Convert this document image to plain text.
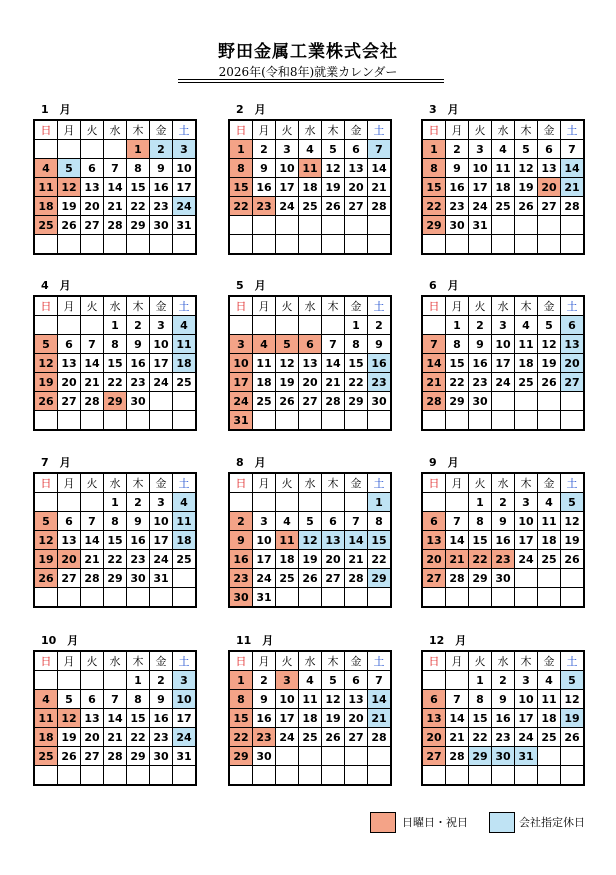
野田金属工業株式会社
2026年(令和8年)就業カレンダー
1　月
日	月	火	水	木	金	土
				1	2	3
4	5	6	7	8	9	10
11	12	13	14	15	16	17
18	19	20	21	22	23	24
25	26	27	28	29	30	31

2　月
日	月	火	水	木	金	土
1	2	3	4	5	6	7
8	9	10	11	12	13	14
15	16	17	18	19	20	21
22	23	24	25	26	27	28

3　月
日	月	火	水	木	金	土
1	2	3	4	5	6	7
8	9	10	11	12	13	14
15	16	17	18	19	20	21
22	23	24	25	26	27	28
29	30	31				

4　月
日	月	火	水	木	金	土
			1	2	3	4
5	6	7	8	9	10	11
12	13	14	15	16	17	18
19	20	21	22	23	24	25
26	27	28	29	30		

5　月
日	月	火	水	木	金	土
					1	2
3	4	5	6	7	8	9
10	11	12	13	14	15	16
17	18	19	20	21	22	23
24	25	26	27	28	29	30
31						
6　月
日	月	火	水	木	金	土
	1	2	3	4	5	6
7	8	9	10	11	12	13
14	15	16	17	18	19	20
21	22	23	24	25	26	27
28	29	30				

7　月
日	月	火	水	木	金	土
			1	2	3	4
5	6	7	8	9	10	11
12	13	14	15	16	17	18
19	20	21	22	23	24	25
26	27	28	29	30	31	

8　月
日	月	火	水	木	金	土
						1
2	3	4	5	6	7	8
9	10	11	12	13	14	15
16	17	18	19	20	21	22
23	24	25	26	27	28	29
30	31					
9　月
日	月	火	水	木	金	土
		1	2	3	4	5
6	7	8	9	10	11	12
13	14	15	16	17	18	19
20	21	22	23	24	25	26
27	28	29	30			

10　月
日	月	火	水	木	金	土
				1	2	3
4	5	6	7	8	9	10
11	12	13	14	15	16	17
18	19	20	21	22	23	24
25	26	27	28	29	30	31

11　月
日	月	火	水	木	金	土
1	2	3	4	5	6	7
8	9	10	11	12	13	14
15	16	17	18	19	20	21
22	23	24	25	26	27	28
29	30					

12　月
日	月	火	水	木	金	土
		1	2	3	4	5
6	7	8	9	10	11	12
13	14	15	16	17	18	19
20	21	22	23	24	25	26
27	28	29	30	31		

日曜日・祝日	会社指定休日
